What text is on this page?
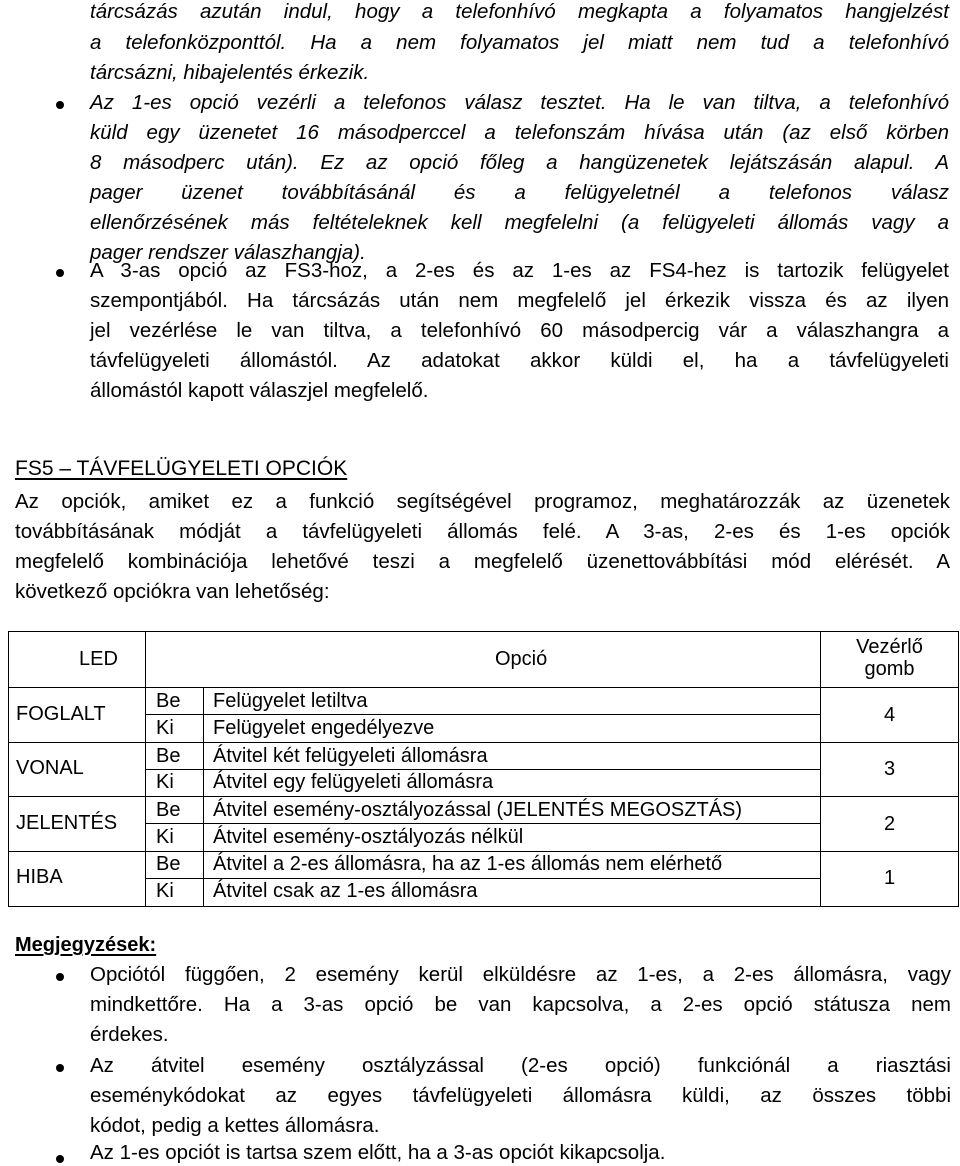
tárcsázás azután indul, hogy a telefonhívó megkapta a folyamatos hangjelzést
a telefonközponttól. Ha a nem folyamatos jel miatt nem tud a telefonhívó
tárcsázni, hibajelentés érkezik.
Az 1-es opció vezérli a telefonos válasz tesztet. Ha le van tiltva, a telefonhívó
küld egy üzenetet 16 másodperccel a telefonszám hívása után (az első körben
8 másodperc után). Ez az opció főleg a hangüzenetek lejátszásán alapul. A
pager üzenet továbbításánál és a felügyeletnél a telefonos válasz
ellenőrzésének más feltételeknek kell megfelelni (a felügyeleti állomás vagy a
pager rendszer válaszhangja).
A 3-as opció az FS3-hoz, a 2-es és az 1-es az FS4-hez is tartozik felügyelet
szempontjából. Ha tárcsázás után nem megfelelő jel érkezik vissza és az ilyen
jel vezérlése le van tiltva, a telefonhívó 60 másodpercig vár a válaszhangra a
távfelügyeleti állomástól. Az adatokat akkor küldi el, ha a távfelügyeleti
állomástól kapott válaszjel megfelelő.
FS5 – TÁVFELÜGYELETI OPCIÓK
Az opciók, amiket ez a funkció segítségével programoz, meghatározzák az üzenetek
továbbításának módját a távfelügyeleti állomás felé. A 3-as, 2-es és 1-es opciók
megfelelő kombinációja lehetővé teszi a megfelelő üzenettovábbítási mód elérését. A
következő opciókra van lehetőség:
LED	Opció
Vezérlő
gomb
FOGLALT
Be Felügyelet letiltva
Ki Felügyelet engedélyezve
4
VONAL
Be Átvitel két felügyeleti állomásra
Ki Átvitel egy felügyeleti állomásra
3
JELENTÉS
Be Átvitel esemény-osztályozással (JELENTÉS MEGOSZTÁS)
Ki Átvitel esemény-osztályozás nélkül
2
HIBA
Be Átvitel a 2-es állomásra, ha az 1-es állomás nem elérhető
Ki Átvitel csak az 1-es állomásra
1
Megjegyzések:
Opciótól függően, 2 esemény kerül elküldésre az 1-es, a 2-es állomásra, vagy
mindkettőre. Ha a 3-as opció be van kapcsolva, a 2-es opció státusza nem
érdekes.
Az átvitel esemény osztályzással (2-es opció) funkciónál a riasztási
eseménykódokat az egyes távfelügyeleti állomásra küldi, az összes többi
kódot, pedig a kettes állomásra.
Az 1-es opciót is tartsa szem előtt, ha a 3-as opciót kikapcsolja.
